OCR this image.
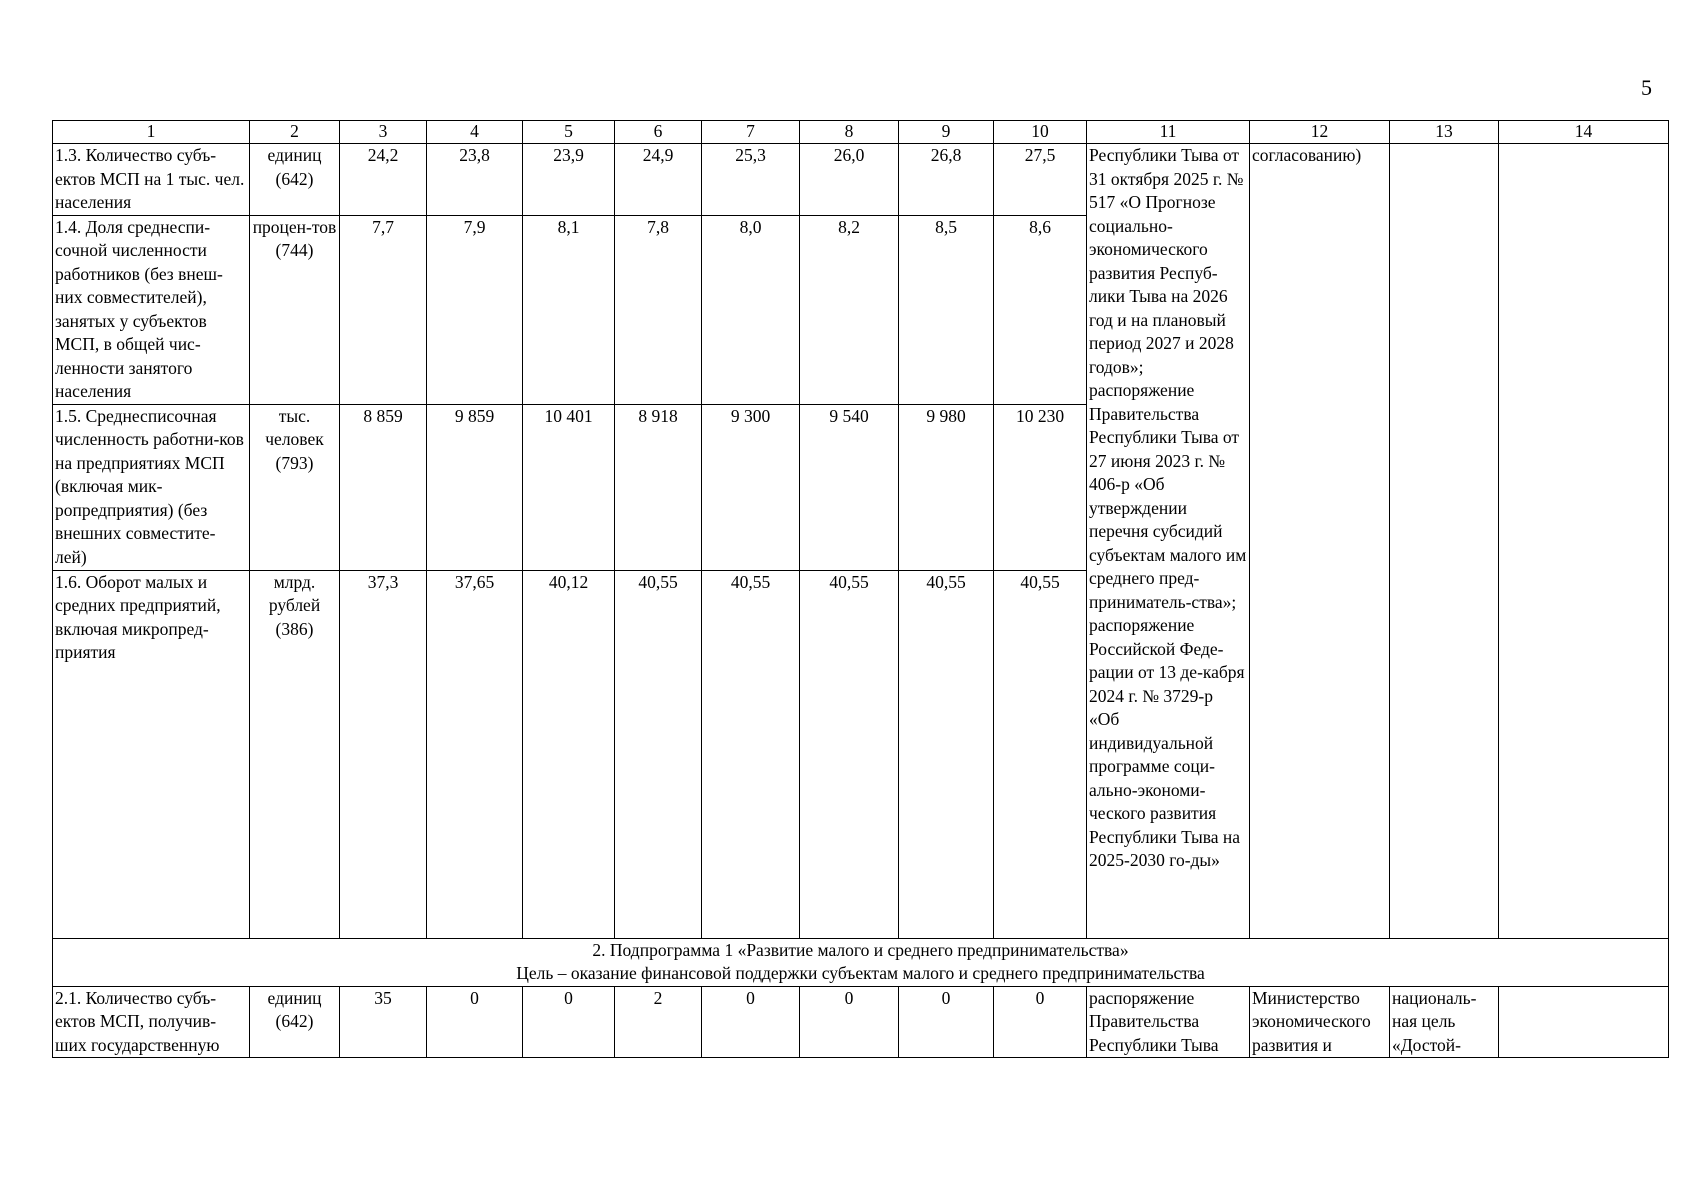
5
1	2	3	4	5	6	7	8	9	10	11	12	13	14
1.3. Количество субъ-ектов МСП на 1 тыс. чел. населения	единиц (642)	24,2	23,8	23,9	24,9	25,3	26,0	26,8	27,5	Республики Тыва от 31 октября 2025 г. № 517 «О Прогнозе социально-экономического развития Респуб-лики Тыва на 2026 год и на плановый период 2027 и 2028 годов»; распоряжение Правительства Республики Тыва от 27 июня 2023 г. № 406-р «Об утверждении перечня субсидий субъектам малого им среднего пред-приниматель-ства»; распоряжение Российской Феде-рации от 13 де-кабря 2024 г. № 3729-р «Об индивидуальной программе соци-ально-экономи-ческого развития Республики Тыва на 2025-2030 го-ды»	согласованию)		
1.4. Доля среднеспи-сочной численности работников (без внеш-них совместителей), занятых у субъектов МСП, в общей чис-ленности занятого населения	процен-тов (744)	7,7	7,9	8,1	7,8	8,0	8,2	8,5	8,6				
1.5. Среднесписочная численность работни-ков на предприятиях МСП (включая мик-ропредприятия) (без внешних совместите-лей)	тыс. человек (793)	8 859	9 859	10 401	8 918	9 300	9 540	9 980	10 230				
1.6. Оборот малых и средних предприятий, включая микропред-приятия	млрд. рублей (386)	37,3	37,65	40,12	40,55	40,55	40,55	40,55	40,55				

2. Подпрограмма 1 «Развитие малого и среднего предпринимательства»
Цель – оказание финансовой поддержки субъектам малого и среднего предпринимательства													

2.1. Количество субъ-ектов МСП, получив-ших государственную	единиц (642)	35	0	0	2	0	0	0	0	распоряжение Правительства Республики Тыва	Министерство экономического развития и	националь-ная цель «Достой-	
